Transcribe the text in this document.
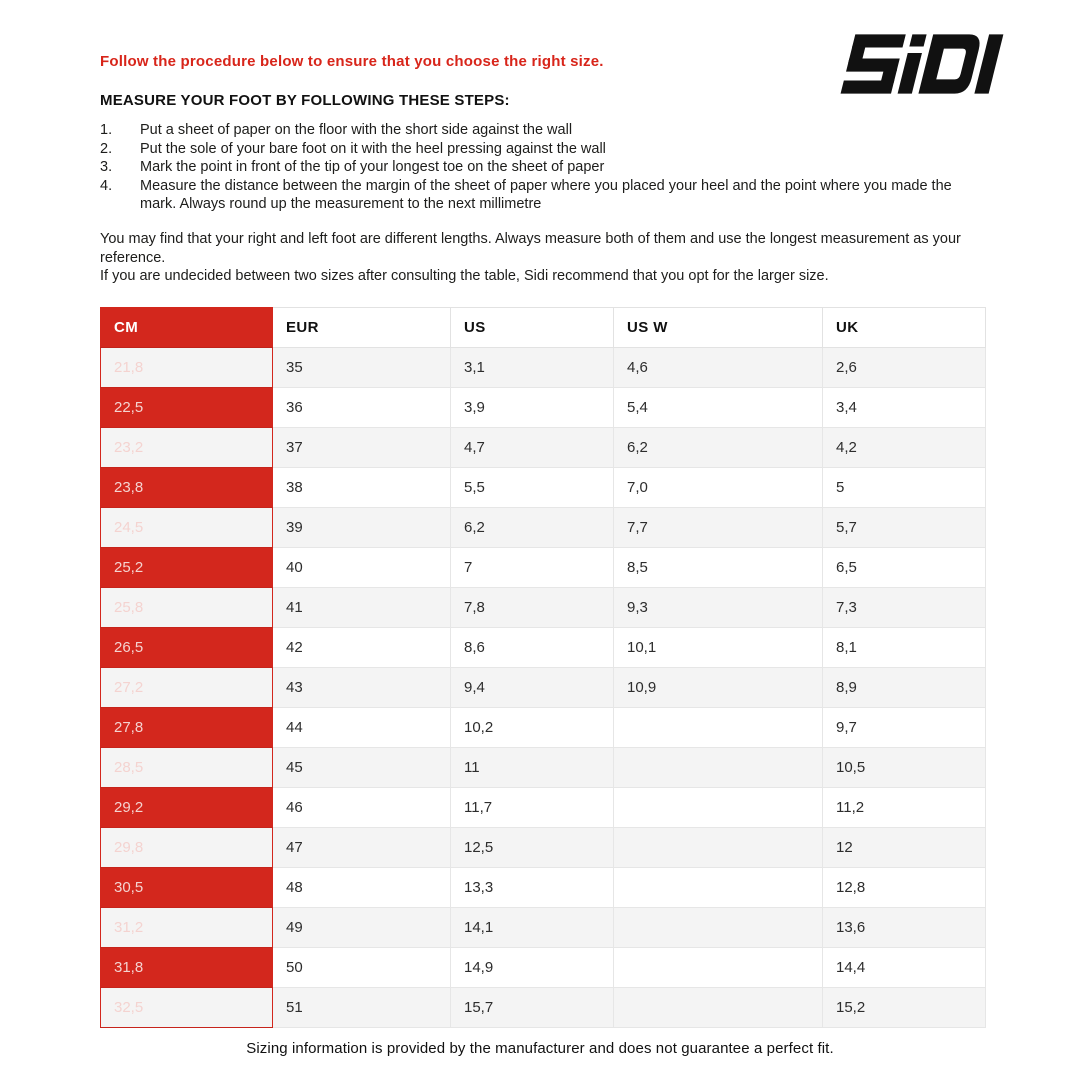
Follow the procedure below to ensure that you choose the right size.
MEASURE YOUR FOOT BY FOLLOWING THESE STEPS:
1.	Put a sheet of paper on the floor with the short side against the wall
2.	Put the sole of your bare foot on it with the heel pressing against the wall
3.	Mark the point in front of the tip of your longest toe on the sheet of paper
4.	Measure the distance between the margin of the sheet of paper where you placed your heel and the point where you made the mark. Always round up the measurement to the next millimetre

You may find that your right and left foot are different lengths. Always measure both of them and use the longest measurement as your reference.

If you are undecided between two sizes after consulting the table, Sidi recommend that you opt for the larger size.

CM	EUR	US	US W	UK
21,8	35	3,1	4,6	2,6
22,5	36	3,9	5,4	3,4
23,2	37	4,7	6,2	4,2
23,8	38	5,5	7,0	5
24,5	39	6,2	7,7	5,7
25,2	40	7	8,5	6,5
25,8	41	7,8	9,3	7,3
26,5	42	8,6	10,1	8,1
27,2	43	9,4	10,9	8,9
27,8	44	10,2		9,7
28,5	45	11		10,5
29,2	46	11,7		11,2
29,8	47	12,5		12
30,5	48	13,3		12,8
31,2	49	14,1		13,6
31,8	50	14,9		14,4
32,5	51	15,7		15,2
Sizing information is provided by the manufacturer and does not guarantee a perfect fit.
